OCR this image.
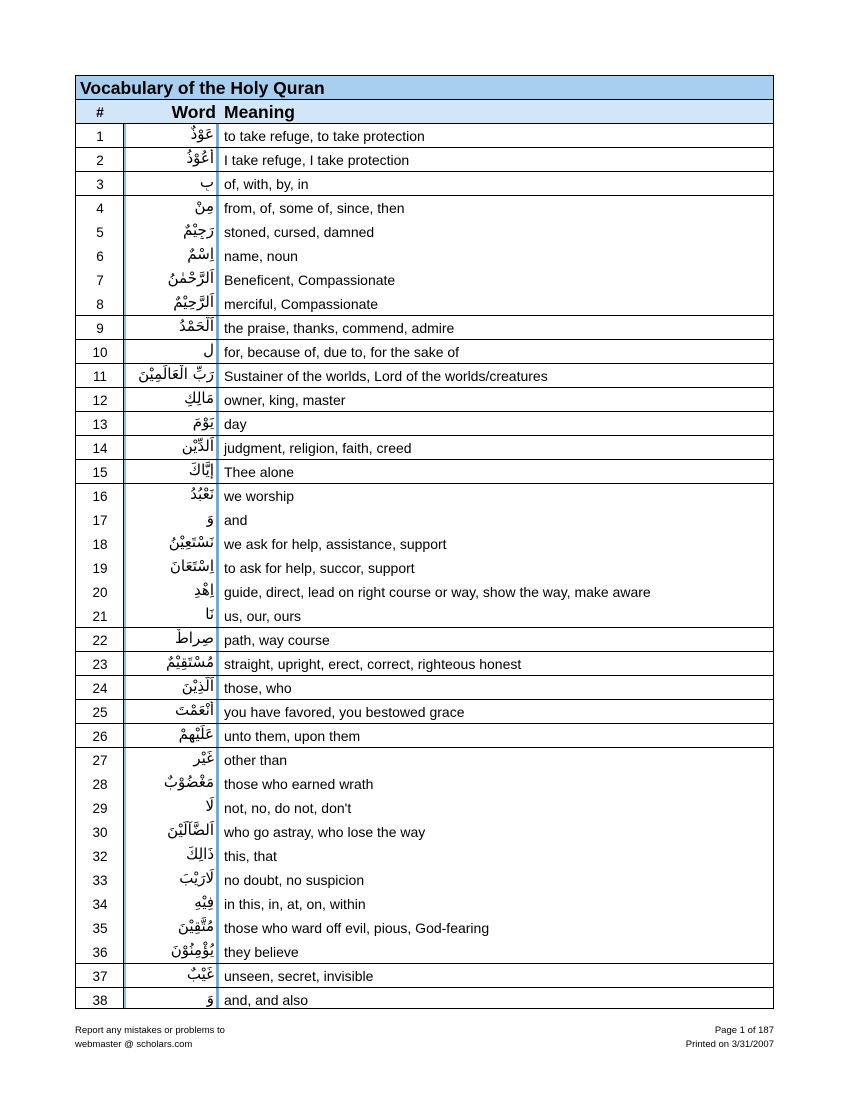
Vocabulary of the Holy Quran
#	Word Meaning
1	عَوْذٌ to take refuge, to take protection
2	أَعُوْذُ I take refuge, I take protection
3	بِ of, with, by, in
4	مِنْ from, of, some of, since, then
5	رَجِيْمٌ stoned, cursed, damned
6	اِسْمٌ name, noun
7	اَلرَّحْمٰنُ Beneficent, Compassionate
8	اَلرَّحِيْمٌ merciful, Compassionate
9	اَلْحَمْدُ the praise, thanks, commend, admire
10	لِ for, because of, due to, for the sake of
11	رَبِّ الْعَالَمِيْنَ Sustainer of the worlds, Lord of the worlds/creatures
12	مَالِكِ owner, king, master
13	يَوْمَ day
14	اَلدِّيْنِ judgment, religion, faith, creed
15	إِيَّاكَ Thee alone
16	نَعْبُدُ we worship
17	وَ and
18	نَسْتَعِيْنُ we ask for help, assistance, support
19	اِسْتَعَانَ to ask for help, succor, support
20	اِهْدِ guide, direct, lead on right course or way, show the way, make aware
21	نَا us, our, ours
22	صِراطٌ path, way course
23	مُسْتَقِيْمٌ straight, upright, erect, correct, righteous honest
24	اَلَّذِيْنَ those, who
25	أَنْعَمْتَ you have favored, you bestowed grace
26	عَلَيْهِمْ unto them, upon them
27	غَيْرِ other than
28	مَغْضُوْبٌ those who earned wrath
29	لَا not, no, do not, don't
30	اَلضَّآلِّيْنَ who go astray, who lose the way
32	ذَالِكَ this, that
33	لَارَيْبَ no doubt, no suspicion
34	فِيْهِ in this, in, at, on, within
35	مُتَّقِيْنَ those who ward off evil, pious, God-fearing
36	يُؤْمِنُوْنَ they believe
37	غَيْبٌ unseen, secret, invisible
38	وَ and, and also
Report any mistakes or problems to
webmaster @ scholars.com
Page 1 of 187
Printed on 3/31/2007
